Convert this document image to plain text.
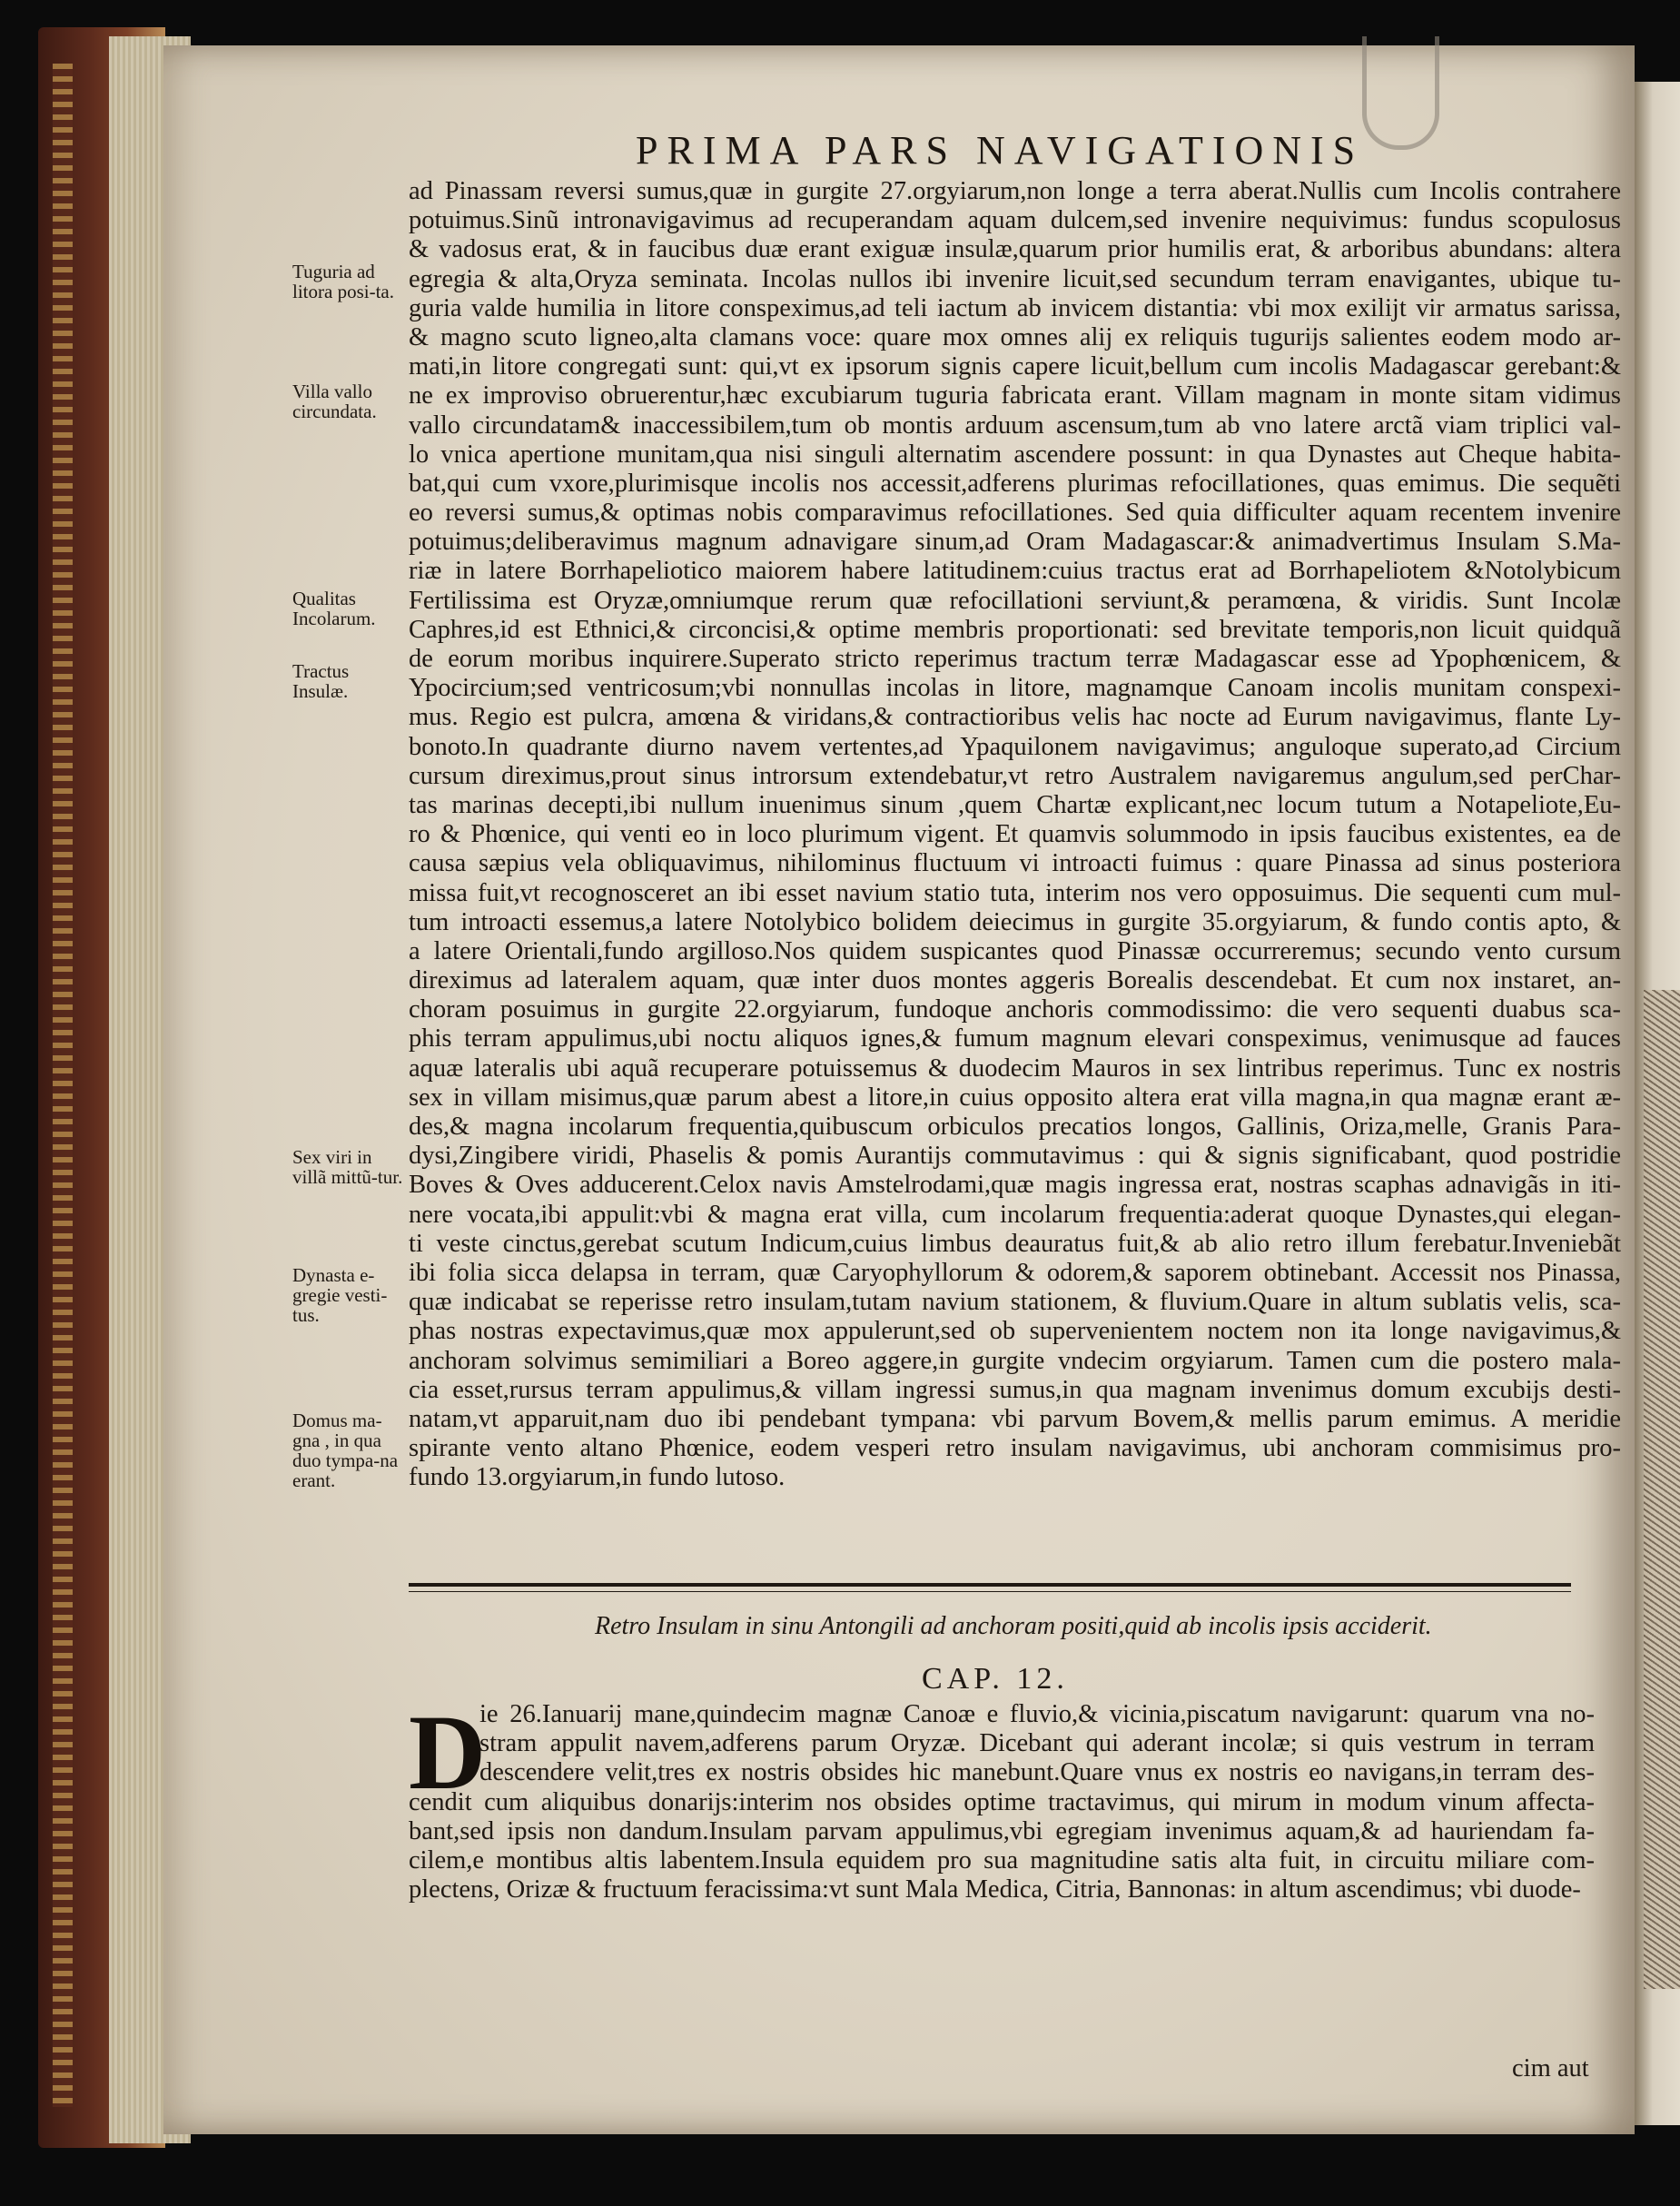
PRIMA PARS NAVIGATIONIS
ad Pinassam reversi sumus,quæ in gurgite 27.orgyiarum,non longe a terra aberat.Nullis cum Incolis contrahere
potuimus.Sinũ intronavigavimus ad recuperandam aquam dulcem,sed invenire nequivimus: fundus scopulosus
& vadosus erat, & in faucibus duæ erant exiguæ insulæ,quarum prior humilis erat, & arboribus abundans: altera
egregia & alta,Oryza seminata. Incolas nullos ibi invenire licuit,sed secundum terram enavigantes, ubique tu-
guria valde humilia in litore conspeximus,ad teli iactum ab invicem distantia: vbi mox exilijt vir armatus sarissa,
& magno scuto ligneo,alta clamans voce: quare mox omnes alij ex reliquis tugurijs salientes eodem modo ar-
mati,in litore congregati sunt: qui,vt ex ipsorum signis capere licuit,bellum cum incolis Madagascar gerebant:&
ne ex improviso obruerentur,hæc excubiarum tuguria fabricata erant. Villam magnam in monte sitam vidimus
vallo circundatam& inaccessibilem,tum ob montis arduum ascensum,tum ab vno latere arctã viam triplici val-
lo vnica apertione munitam,qua nisi singuli alternatim ascendere possunt: in qua Dynastes aut Cheque habita-
bat,qui cum vxore,plurimisque incolis nos accessit,adferens plurimas refocillationes, quas emimus. Die sequẽti
eo reversi sumus,& optimas nobis comparavimus refocillationes. Sed quia difficulter aquam recentem invenire
potuimus;deliberavimus magnum adnavigare sinum,ad Oram Madagascar:& animadvertimus Insulam S.Ma-
riæ in latere Borrhapeliotico maiorem habere latitudinem:cuius tractus erat ad Borrhapeliotem &Notolybicum
Fertilissima est Oryzæ,omniumque rerum quæ refocillationi serviunt,& peramœna, & viridis. Sunt Incolæ
Caphres,id est Ethnici,& circoncisi,& optime membris proportionati: sed brevitate temporis,non licuit quidquã
de eorum moribus inquirere.Superato stricto reperimus tractum terræ Madagascar esse ad Ypophœnicem, &
Ypocircium;sed ventricosum;vbi nonnullas incolas in litore, magnamque Canoam incolis munitam conspexi-
mus. Regio est pulcra, amœna & viridans,& contractioribus velis hac nocte ad Eurum navigavimus, flante Ly-
bonoto.In quadrante diurno navem vertentes,ad Ypaquilonem navigavimus; anguloque superato,ad Circium
cursum direximus,prout sinus introrsum extendebatur,vt retro Australem navigaremus angulum,sed perChar-
tas marinas decepti,ibi nullum inuenimus sinum ,quem Chartæ explicant,nec locum tutum a Notapeliote,Eu-
ro & Phœnice, qui venti eo in loco plurimum vigent. Et quamvis solummodo in ipsis faucibus existentes, ea de
causa sæpius vela obliquavimus, nihilominus fluctuum vi introacti fuimus : quare Pinassa ad sinus posteriora
missa fuit,vt recognosceret an ibi esset navium statio tuta, interim nos vero opposuimus. Die sequenti cum mul-
tum introacti essemus,a latere Notolybico bolidem deiecimus in gurgite 35.orgyiarum, & fundo contis apto, &
a latere Orientali,fundo argilloso.Nos quidem suspicantes quod Pinassæ occurreremus; secundo vento cursum
direximus ad lateralem aquam, quæ inter duos montes aggeris Borealis descendebat. Et cum nox instaret, an-
choram posuimus in gurgite 22.orgyiarum, fundoque anchoris commodissimo: die vero sequenti duabus sca-
phis terram appulimus,ubi noctu aliquos ignes,& fumum magnum elevari conspeximus, venimusque ad fauces
aquæ lateralis ubi aquã recuperare potuissemus & duodecim Mauros in sex lintribus reperimus. Tunc ex nostris
sex in villam misimus,quæ parum abest a litore,in cuius opposito altera erat villa magna,in qua magnæ erant æ-
des,& magna incolarum frequentia,quibuscum orbiculos precatios longos, Gallinis, Oriza,melle, Granis Para-
dysi,Zingibere viridi, Phaselis & pomis Aurantijs commutavimus : qui & signis significabant, quod postridie
Boves & Oves adducerent.Celox navis Amstelrodami,quæ magis ingressa erat, nostras scaphas adnavigãs in iti-
nere vocata,ibi appulit:vbi & magna erat villa, cum incolarum frequentia:aderat quoque Dynastes,qui elegan-
ti veste cinctus,gerebat scutum Indicum,cuius limbus deauratus fuit,& ab alio retro illum ferebatur.Inveniebãt
ibi folia sicca delapsa in terram, quæ Caryophyllorum & odorem,& saporem obtinebant. Accessit nos Pinassa,
quæ indicabat se reperisse retro insulam,tutam navium stationem, & fluvium.Quare in altum sublatis velis, sca-
phas nostras expectavimus,quæ mox appulerunt,sed ob supervenientem noctem non ita longe navigavimus,&
anchoram solvimus semimiliari a Boreo aggere,in gurgite vndecim orgyiarum. Tamen cum die postero mala-
cia esset,rursus terram appulimus,& villam ingressi sumus,in qua magnam invenimus domum excubijs desti-
natam,vt apparuit,nam duo ibi pendebant tympana: vbi parvum Bovem,& mellis parum emimus. A meridie
spirante vento altano Phœnice, eodem vesperi retro insulam navigavimus, ubi anchoram commisimus pro-
fundo 13.orgyiarum,in fundo lutoso.
Tuguria ad litora posi-ta.
Villa vallo circundata.
Qualitas Incolarum.
Tractus Insulæ.
Sex viri in villã mittũ-tur.
Dynasta e-gregie vesti-tus.
Domus ma-gna , in qua duo tympa-na erant.
Retro Insulam in sinu Antongili ad anchoram positi,quid ab incolis ipsis acciderit.
CAP. 12.
D
ie 26.Ianuarij mane,quindecim magnæ Canoæ e fluvio,& vicinia,piscatum navigarunt: quarum vna no-
stram appulit navem,adferens parum Oryzæ. Dicebant qui aderant incolæ; si quis vestrum in terram
descendere velit,tres ex nostris obsides hic manebunt.Quare vnus ex nostris eo navigans,in terram des-
cendit cum aliquibus donarijs:interim nos obsides optime tractavimus, qui mirum in modum vinum affecta-
bant,sed ipsis non dandum.Insulam parvam appulimus,vbi egregiam invenimus aquam,& ad hauriendam fa-
cilem,e montibus altis labentem.Insula equidem pro sua magnitudine satis alta fuit, in circuitu miliare com-
plectens, Orizæ & fructuum feracissima:vt sunt Mala Medica, Citria, Bannonas: in altum ascendimus; vbi duode-
cim aut
